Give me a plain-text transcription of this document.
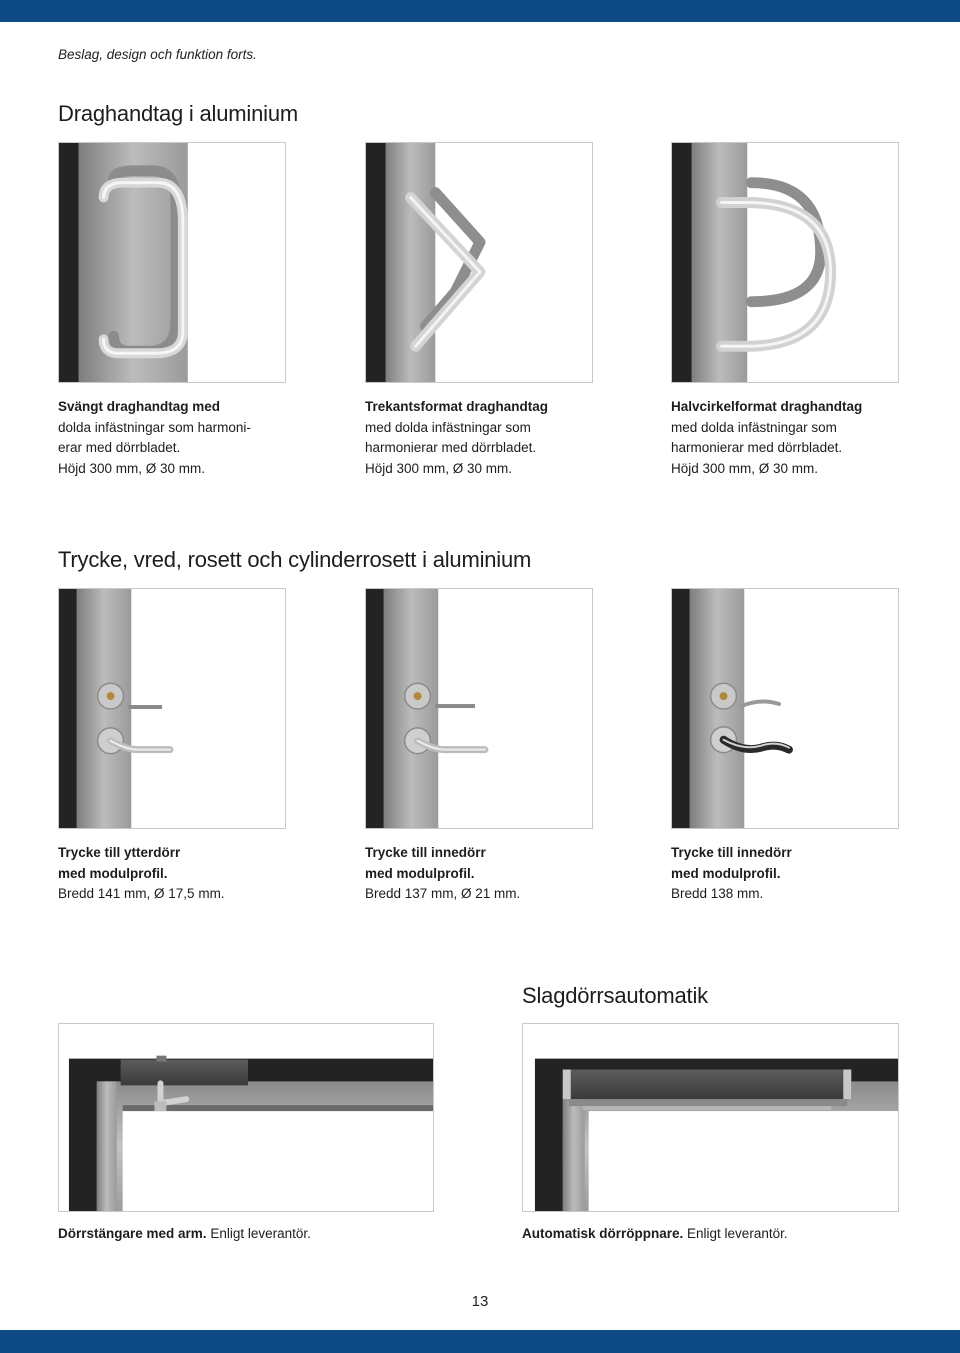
Beslag, design och funktion forts.
Draghandtag i aluminium
Svängt draghandtag med
dolda infästningar som harmoni-
erar med dörrbladet.
Höjd 300 mm, Ø 30 mm.
Trekantsformat draghandtag
med dolda infästningar som
harmonierar med dörrbladet.
Höjd 300 mm, Ø 30 mm.
Halvcirkelformat draghandtag
med dolda infästningar som
harmonierar med dörrbladet.
Höjd 300 mm, Ø 30 mm.
Trycke, vred, rosett och cylinderrosett i aluminium
Trycke till ytterdörr
med modulprofil.
Bredd 141 mm, Ø 17,5 mm.
Trycke till innedörr
med modulprofil.
Bredd 137 mm, Ø 21 mm.
Trycke till innedörr
med modulprofil.
Bredd 138 mm.
Slagdörrsautomatik
Dörrstängare med arm. Enligt leverantör.	Automatisk dörröppnare. Enligt leverantör.
13
